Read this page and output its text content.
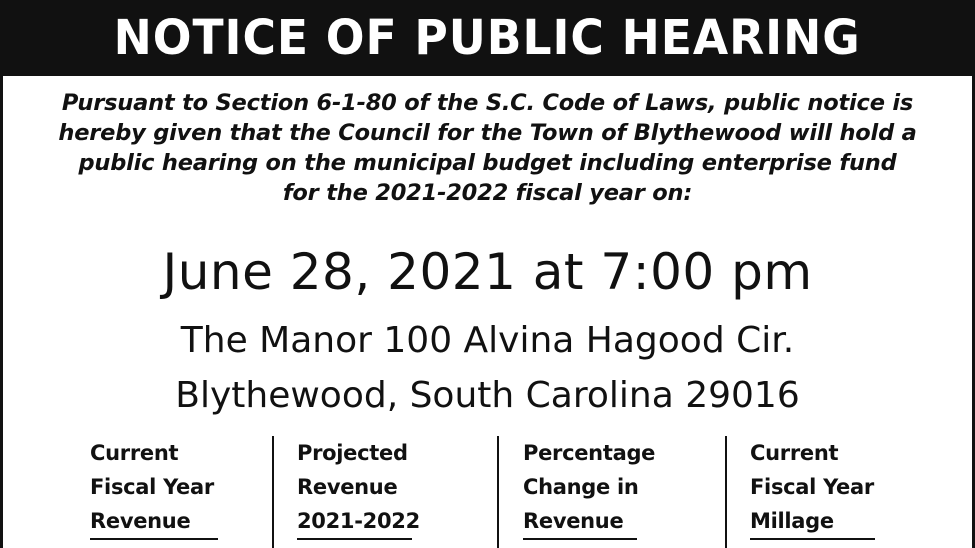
NOTICE OF PUBLIC HEARING
Pursuant to Section 6-1-80 of the S.C. Code of Laws, public notice is
hereby given that the Council for the Town of Blythewood will hold a
public hearing on the municipal budget including enterprise fund
for the 2021-2022 fiscal year on:
June 28, 2021 at 7:00 pm
The Manor 100 Alvina Hagood Cir.
Blythewood, South Carolina 29016
Current
Fiscal Year
Revenue
Projected
Revenue
2021-2022
Percentage
Change in
Revenue
Current
Fiscal Year
Millage
